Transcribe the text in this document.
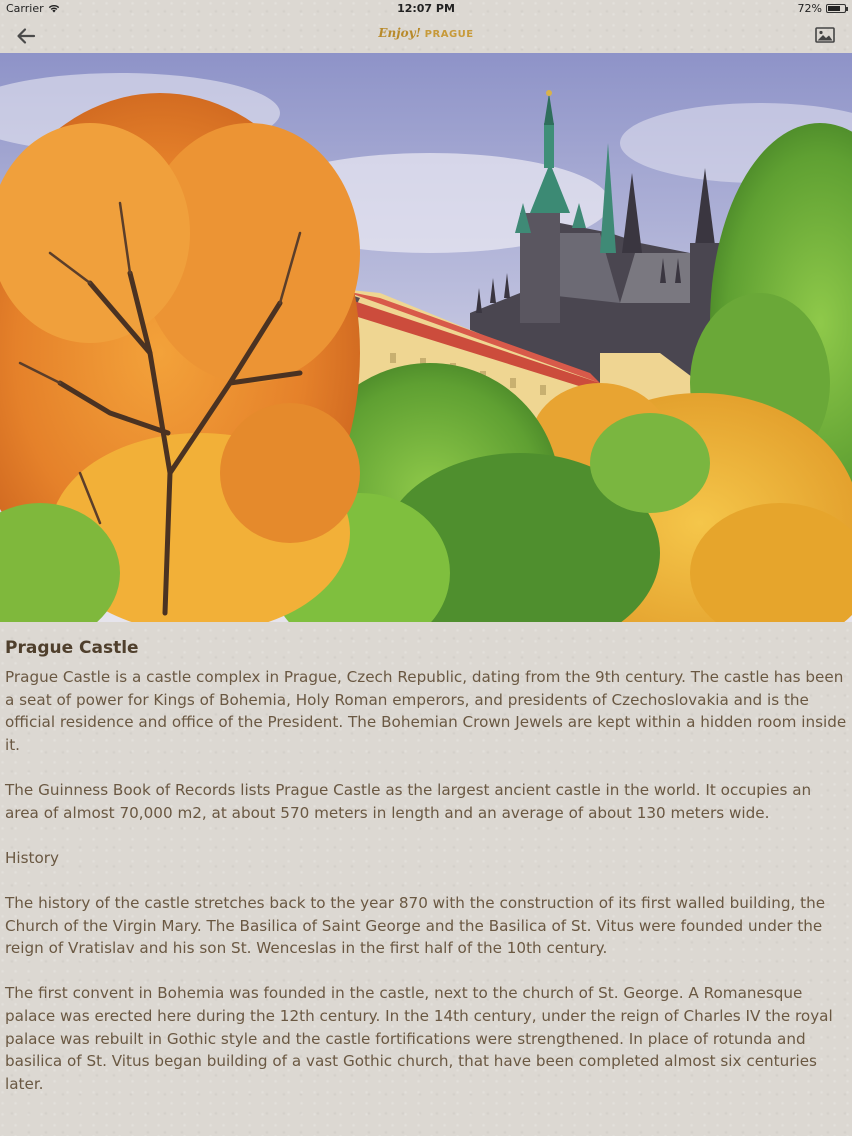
Carrier	12:07 PM	72%
Enjoy! PRAGUE
Prague Castle

Prague Castle is a castle complex in Prague, Czech Republic, dating from the 9th century. The castle has been a seat of power for Kings of Bohemia, Holy Roman emperors, and presidents of Czechoslovakia and is the official residence and office of the President. The Bohemian Crown Jewels are kept within a hidden room inside it.

The Guinness Book of Records lists Prague Castle as the largest ancient castle in the world. It occupies an area of almost 70,000 m2, at about 570 meters in length and an average of about 130 meters wide.

History

The history of the castle stretches back to the year 870 with the construction of its first walled building, the Church of the Virgin Mary. The Basilica of Saint George and the Basilica of St. Vitus were founded under the reign of Vratislav and his son St. Wenceslas in the first half of the 10th century.

The first convent in Bohemia was founded in the castle, next to the church of St. George. A Romanesque palace was erected here during the 12th century. In the 14th century, under the reign of Charles IV the royal palace was rebuilt in Gothic style and the castle fortifications were strengthened. In place of rotunda and basilica of St. Vitus began building of a vast Gothic church, that have been completed almost six centuries later.
